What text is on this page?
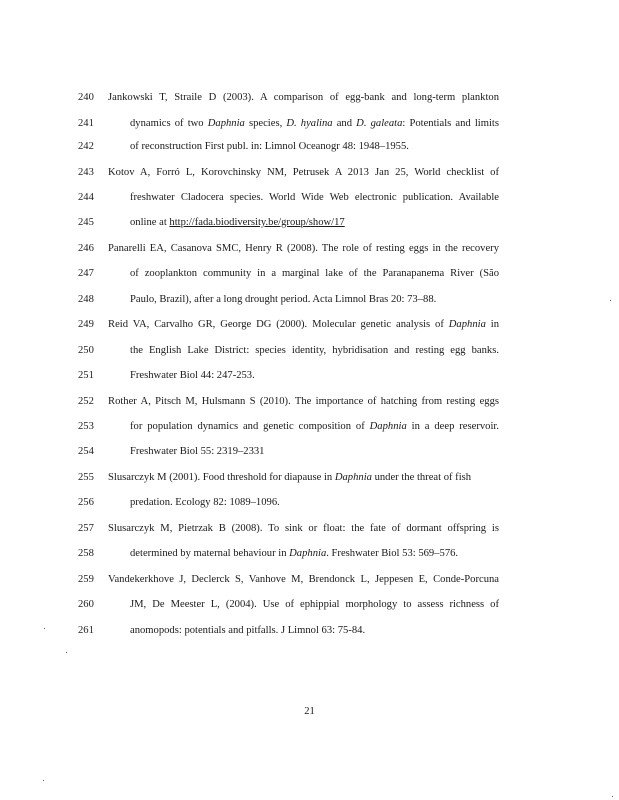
240	Jankowski T, Straile D (2003). A comparison of egg-bank and long-term plankton
241	dynamics of two Daphnia species, D. hyalina and D. galeata: Potentials and limits
242	of reconstruction First publ. in: Limnol Oceanogr 48: 1948–1955.
243	Kotov A, Forró L, Korovchinsky NM, Petrusek A 2013 Jan 25, World checklist of
244	freshwater Cladocera species. World Wide Web electronic publication. Available
245	online at http://fada.biodiversity.be/group/show/17
246	Panarelli EA, Casanova SMC, Henry R (2008). The role of resting eggs in the recovery
247	of zooplankton community in a marginal lake of the Paranapanema River (São
248	Paulo, Brazil), after a long drought period. Acta Limnol Bras 20: 73–88.
249	Reid VA, Carvalho GR, George DG (2000). Molecular genetic analysis of Daphnia in
250	the English Lake District: species identity, hybridisation and resting egg banks.
251	Freshwater Biol 44: 247-253.
252	Rother A, Pitsch M, Hulsmann S (2010). The importance of hatching from resting eggs
253	for population dynamics and genetic composition of Daphnia in a deep reservoir.
254	Freshwater Biol 55: 2319–2331
255	Slusarczyk M (2001). Food threshold for diapause in Daphnia under the threat of fish
256	predation. Ecology 82: 1089–1096.
257	Slusarczyk M, Pietrzak B (2008). To sink or float: the fate of dormant offspring is
258	determined by maternal behaviour in Daphnia. Freshwater Biol 53: 569–576.
259	Vandekerkhove J, Declerck S, Vanhove M, Brendonck L, Jeppesen E, Conde-Porcuna
260	JM, De Meester L, (2004). Use of ephippial morphology to assess richness of
261	anomopods: potentials and pitfalls. J Limnol 63: 75-84.
21
